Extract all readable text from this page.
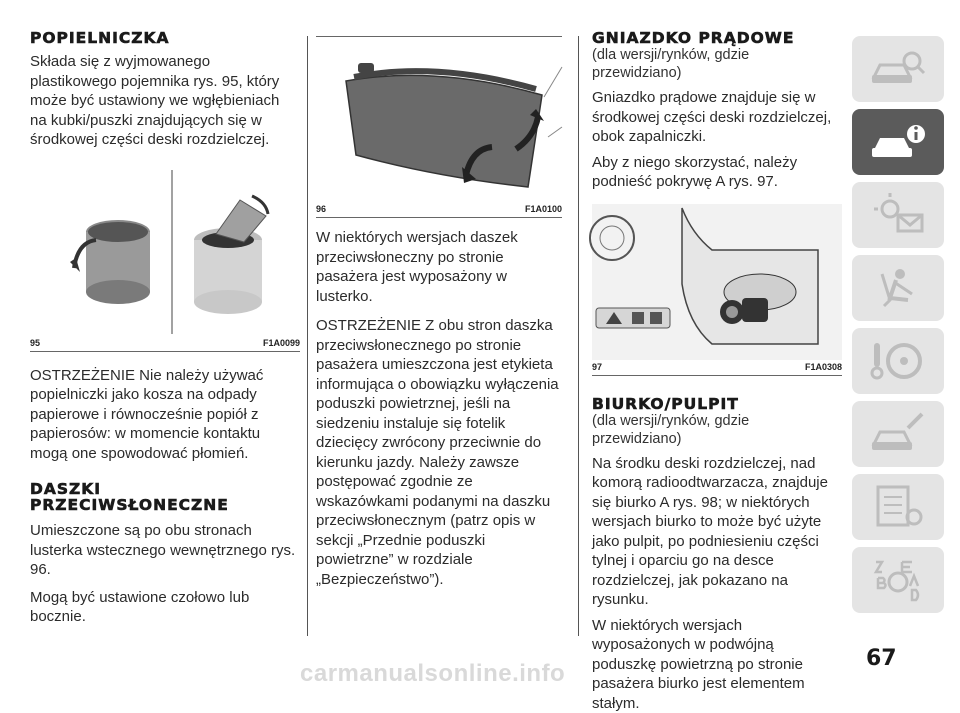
POPIELNICZKA

Składa się z wyjmowanego plastikowego pojemnika rys. 95, który może być ustawiony we wgłębieniach na kubki/puszki znajdujących się w środkowej części deski rozdzielczej.

95	F1A0099

OSTRZEŻENIE Nie należy używać popielniczki jako kosza na odpady papierowe i równocześnie popiół z papierosów: w momencie kontaktu mogą one spowodować płomień.

DASZKI
PRZECIWSŁONECZNE

Umieszczone są po obu stronach lusterka wstecznego wewnętrznego rys. 96.

Mogą być ustawione czołowo lub bocznie.

96	F1A0100

W niektórych wersjach daszek przeciwsłoneczny po stronie pasażera jest wyposażony w lusterko.

OSTRZEŻENIE Z obu stron daszka przeciwsłonecznego po stronie pasażera umieszczona jest etykieta informująca o obowiązku wyłączenia poduszki powietrznej, jeśli na siedzeniu instaluje się fotelik dziecięcy zwrócony przeciwnie do kierunku jazdy. Należy zawsze postępować zgodnie ze wskazówkami podanymi na daszku przeciwsłonecznym (patrz opis w sekcji „Przednie poduszki powietrzne” w rozdziale „Bezpieczeństwo”).

GNIAZDKO PRĄDOWE
(dla wersji/rynków, gdzie przewidziano)

Gniazdko prądowe znajduje się w środkowej części deski rozdzielczej, obok zapalniczki.

Aby z niego skorzystać, należy podnieść pokrywę A rys. 97.

97	F1A0308
BIURKO/PULPIT
(dla wersji/rynków, gdzie przewidziano)

Na środku deski rozdzielczej, nad komorą radioodtwarzacza, znajduje się biurko A rys. 98; w niektórych wersjach biurko to może być użyte jako pulpit, po podniesieniu części tylnej i oparciu go na desce rozdzielczej, jak pokazano na rysunku.

W niektórych wersjach wyposażonych w podwójną poduszkę powietrzną po stronie pasażera biurko jest elementem stałym.

67
carmanualsonline.info
